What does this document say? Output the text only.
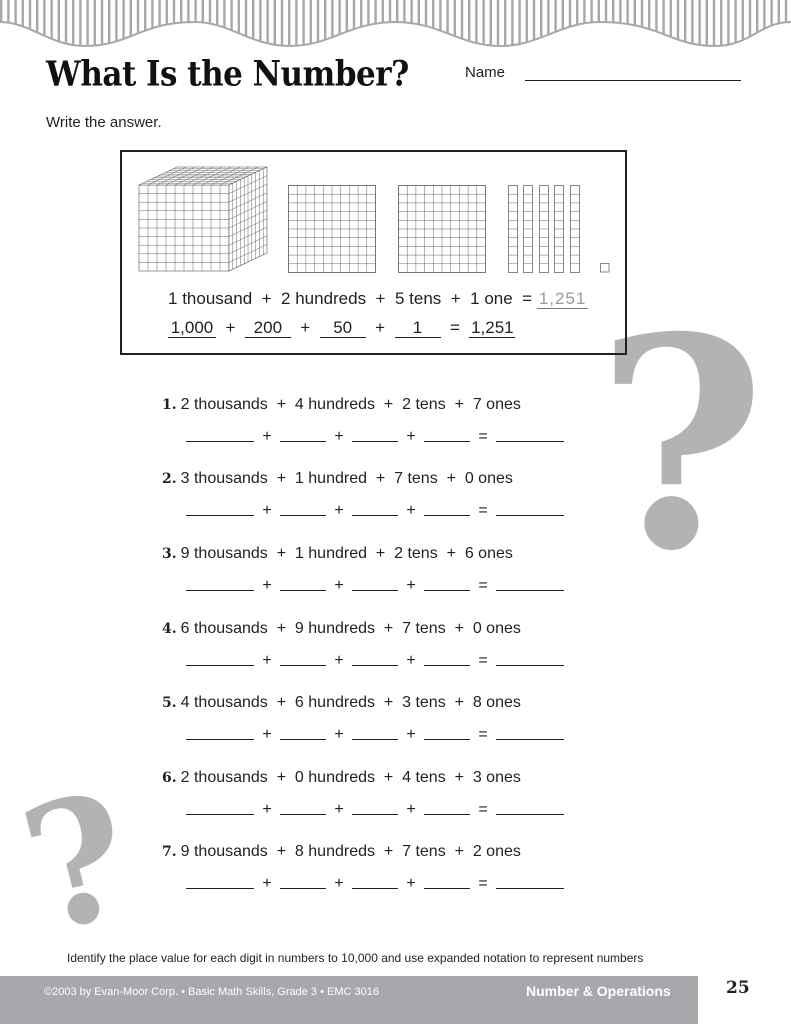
What Is the Number?	Name
Write the answer.
?
?
1 thousand + 2 hundreds + 5 tens + 1 one = 1,251
1,000 + 200 + 50 + 1 = 1,251
1. 2 thousands  +  4 hundreds  +  2 tens  +  7 ones
+	+	+	=
2. 3 thousands  +  1 hundred  +  7 tens  +  0 ones
+	+	+	=
3. 9 thousands  +  1 hundred  +  2 tens  +  6 ones
+	+	+	=
4. 6 thousands  +  9 hundreds  +  7 tens  +  0 ones
+	+	+	=
5. 4 thousands  +  6 hundreds  +  3 tens  +  8 ones
+	+	+	=
6. 2 thousands  +  0 hundreds  +  4 tens  +  3 ones
+	+	+	=
7. 9 thousands  +  8 hundreds  +  7 tens  +  2 ones
+	+	+	=
Identify the place value for each digit in numbers to 10,000 and use expanded notation to represent numbers
©2003 by Evan-Moor Corp. • Basic Math Skills, Grade 3 • EMC 3016	Number & Operations	25
